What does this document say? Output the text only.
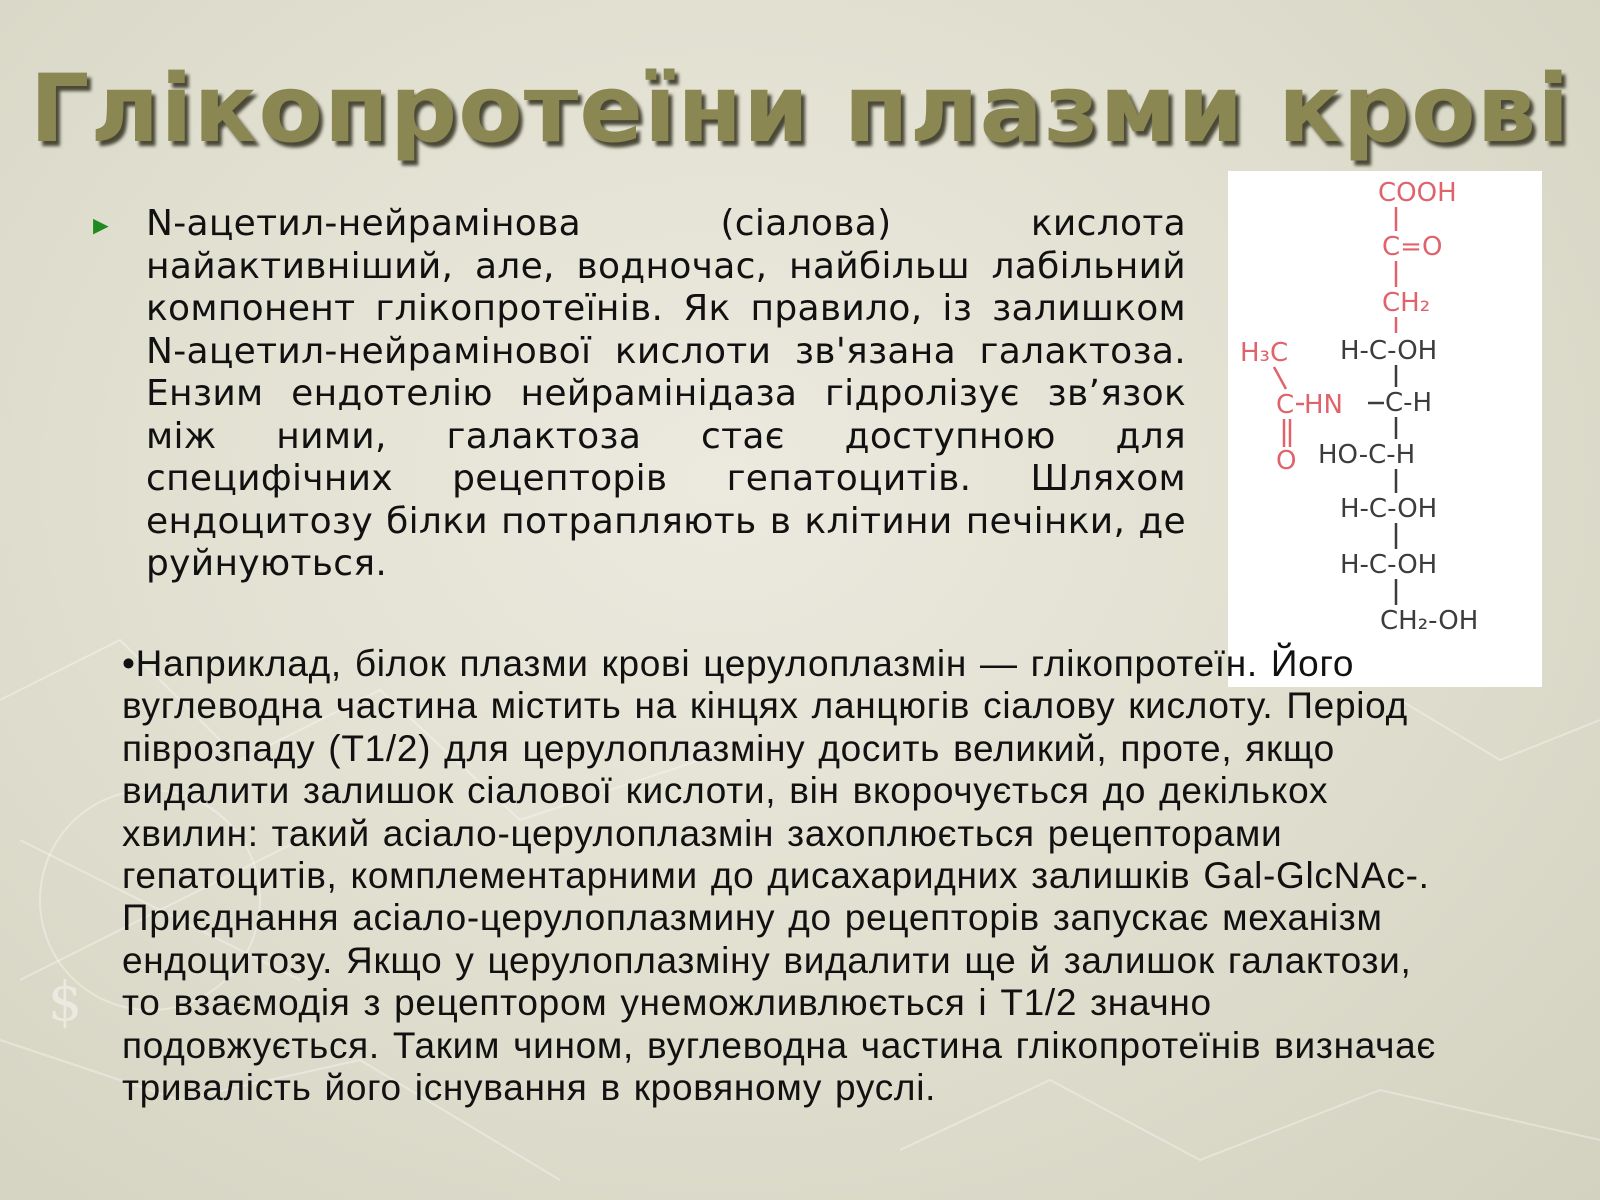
$
Глікопротеїни плазми крові
► N-ацетил-нейрамінова (сіалова) кислота найактивніший, але, водночас, найбільш лабільний компонент глікопротеїнів. Як правило, із залишком N-ацетил-нейрамінової кислоти зв'язана галактоза. Ензим ендотелію нейрамінідаза гідролізує зв’язок між ними, галактоза стає доступною для специфічних рецепторів гепатоцитів. Шляхом ендоцитозу білки потрапляють в клітини печінки, де руйнуються.

COOH
C=O
CH₂
H₃C
C HN
O
H-C-OH
C-H
HO-C-H
H-C-OH
H-C-OH
CH₂-OH

•Наприклад, білок плазми крові церулоплазмін — глікопротеїн. Його вуглеводна частина містить на кінцях ланцюгів сіалову кислоту. Період піврозпаду (Т1/2) для церулоплазміну досить великий, проте, якщо видалити залишок сіалової кислоти, він вкорочується до декількох хвилин: такий асіало-церулоплазмін захоплюється рецепторами гепатоцитів, комплементарними до дисахаридних залишків Gal-GlcNAc-. Приєднання асіало-церулоплазмину до рецепторів запускає механізм ендоцитозу. Якщо у церулоплазміну видалити ще й залишок галактози, то взаємодія з рецептором унеможливлюється і Т1/2 значно подовжується. Таким чином, вуглеводна частина глікопротеїнів визначає тривалість його існування в кровяному руслі.
